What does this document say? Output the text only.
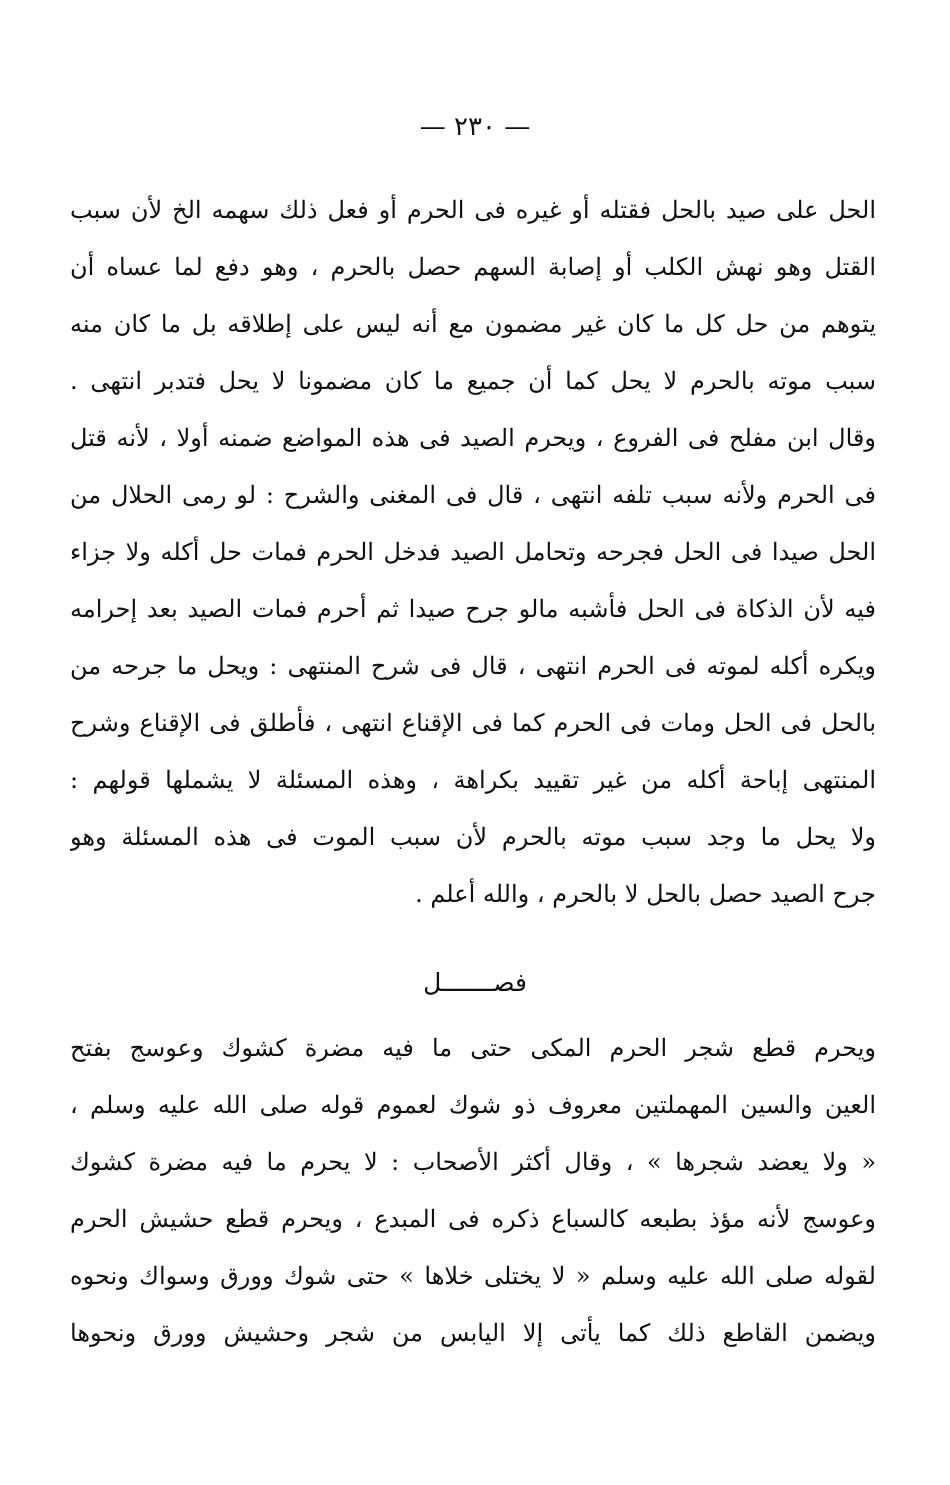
— ٢٣٠ —
الحل على صيد بالحل فقتله أو غيره فى الحرم أو فعل ذلك سهمه الخ لأن سبب
القتل وهو نهش الكلب أو إصابة السهم حصل بالحرم ، وهو دفع لما عساه أن
يتوهم من حل كل ما كان غير مضمون مع أنه ليس على إطلاقه بل ما كان منه
سبب موته بالحرم لا يحل كما أن جميع ما كان مضمونا لا يحل فتدبر انتهى .
وقال ابن مفلح فى الفروع ، ويحرم الصيد فى هذه المواضع ضمنه أولا ، لأنه قتل
فى الحرم ولأنه سبب تلفه انتهى ، قال فى المغنى والشرح : لو رمى الحلال من
الحل صيدا فى الحل فجرحه وتحامل الصيد فدخل الحرم فمات حل أكله ولا جزاء
فيه لأن الذكاة فى الحل فأشبه مالو جرح صيدا ثم أحرم فمات الصيد بعد إحرامه
ويكره أكله لموته فى الحرم انتهى ، قال فى شرح المنتهى : ويحل ما جرحه من
بالحل فى الحل ومات فى الحرم كما فى الإقناع انتهى ، فأطلق فى الإقناع وشرح
المنتهى إباحة أكله من غير تقييد بكراهة ، وهذه المسئلة لا يشملها قولهم :
ولا يحل ما وجد سبب موته بالحرم لأن سبب الموت فى هذه المسئلة وهو
جرح الصيد حصل بالحل لا بالحرم ، والله أعلم .
فصـــــــل
ويحرم قطع شجر الحرم المكى حتى ما فيه مضرة كشوك وعوسج بفتح
العين والسين المهملتين معروف ذو شوك لعموم قوله صلى الله عليه وسلم ،
« ولا يعضد شجرها » ، وقال أكثر الأصحاب : لا يحرم ما فيه مضرة كشوك
وعوسج لأنه مؤذ بطبعه كالسباع ذكره فى المبدع ، ويحرم قطع حشيش الحرم
لقوله صلى الله عليه وسلم « لا يختلى خلاها » حتى شوك وورق وسواك ونحوه
ويضمن القاطع ذلك كما يأتى إلا اليابس من شجر وحشيش وورق ونحوها
